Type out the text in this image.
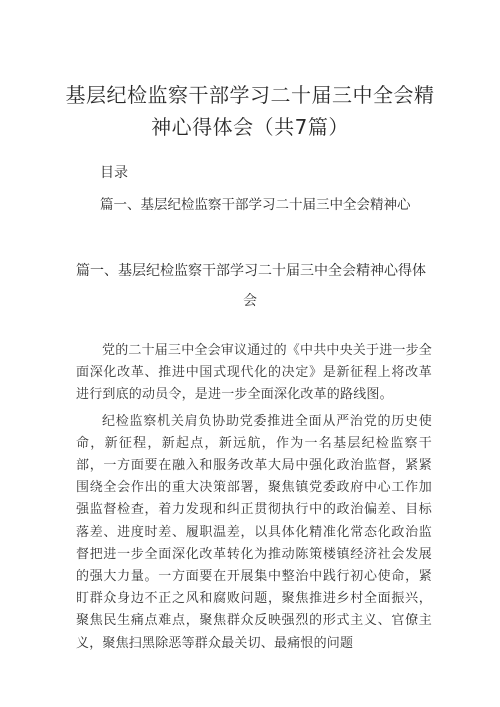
基层纪检监察干部学习二十届三中全会精
神心得体会（共7篇）
目录
篇一、基层纪检监察干部学习二十届三中全会精神心
篇一、基层纪检监察干部学习二十届三中全会精神心得体
会

党的二十届三中全会审议通过的《中共中央关于进一步全面深化改革、推进中国式现代化的决定》是新征程上将改革进行到底的动员令，是进一步全面深化改革的路线图。

纪检监察机关肩负协助党委推进全面从严治党的历史使命，新征程，新起点，新远航，作为一名基层纪检监察干部，一方面要在融入和服务改革大局中强化政治监督，紧紧围绕全会作出的重大决策部署，聚焦镇党委政府中心工作加强监督检查，着力发现和纠正贯彻执行中的政治偏差、目标落差、进度时差、履职温差，以具体化精准化常态化政治监督把进一步全面深化改革转化为推动陈策楼镇经济社会发展的强大力量。一方面要在开展集中整治中践行初心使命，紧盯群众身边不正之风和腐败问题，聚焦推进乡村全面振兴，聚焦民生痛点难点，聚焦群众反映强烈的形式主义、官僚主义，聚焦扫黑除恶等群众最关切、最痛恨的问题
